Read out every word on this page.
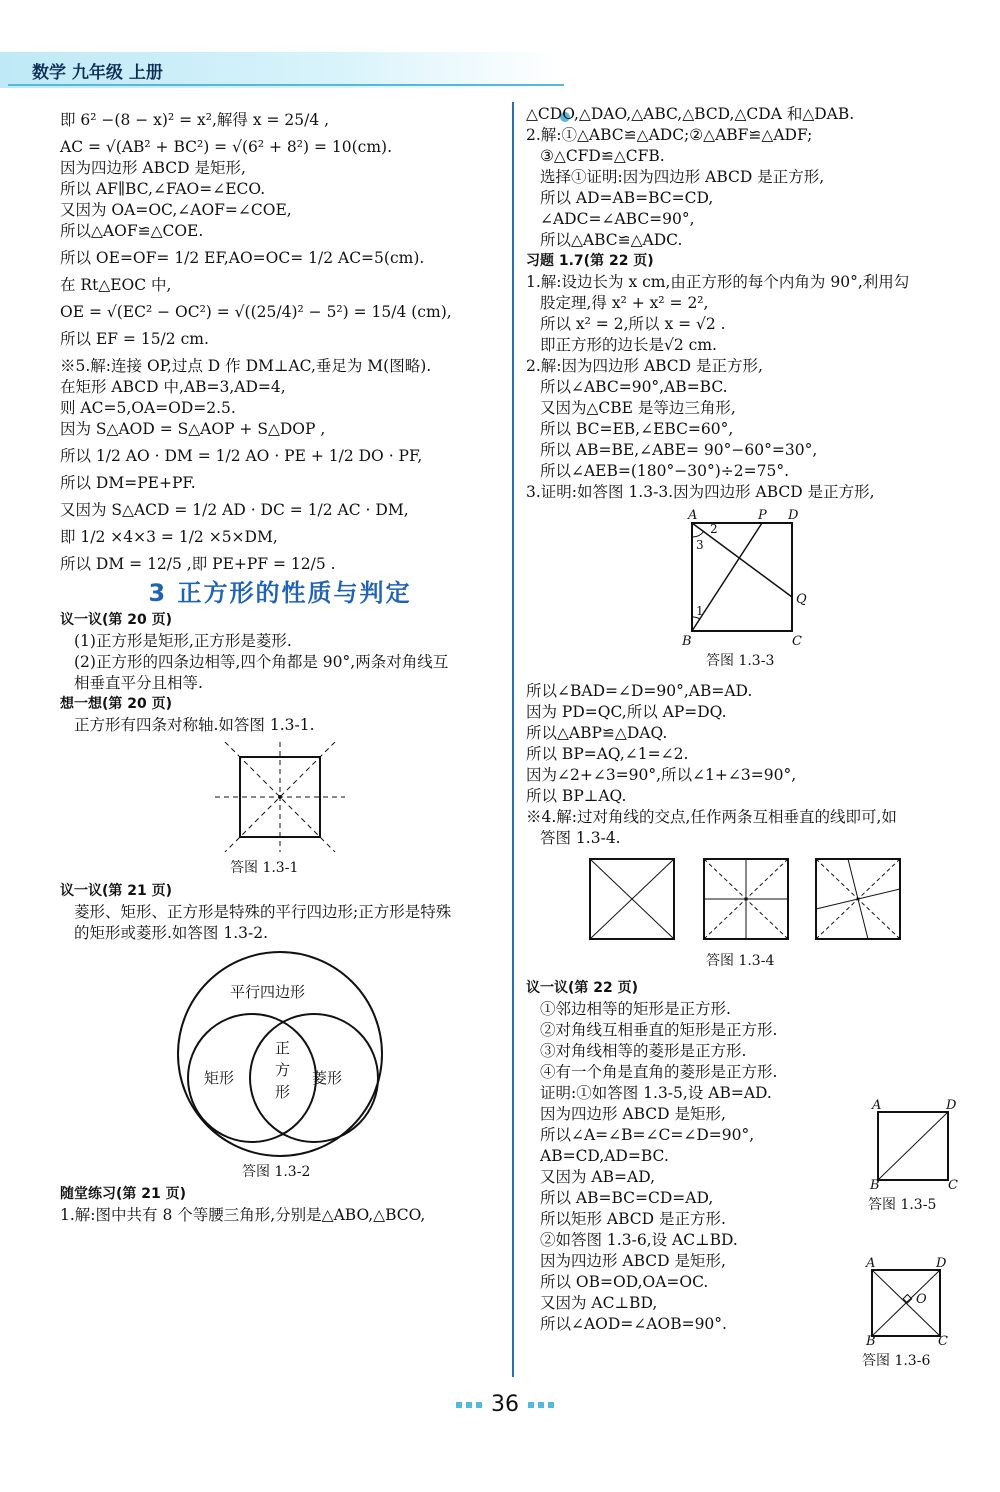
数学 九年级 上册

即 6² −(8 − x)² = x²,解得 x = 25/4 ,

AC = √(AB² + BC²) = √(6² + 8²) = 10(cm).

因为四边形 ABCD 是矩形,

所以 AF∥BC,∠FAO=∠ECO.

又因为 OA=OC,∠AOF=∠COE,

所以△AOF≌△COE.

所以 OE=OF= 1/2 EF,AO=OC= 1/2 AC=5(cm).

在 Rt△EOC 中,

OE = √(EC² − OC²) = √((25/4)² − 5²) = 15/4 (cm),

所以 EF = 15/2 cm.

※5.解:连接 OP,过点 D 作 DM⊥AC,垂足为 M(图略).

在矩形 ABCD 中,AB=3,AD=4,

则 AC=5,OA=OD=2.5.

因为 S△AOD = S△AOP + S△DOP ,

所以 1/2 AO · DM = 1/2 AO · PE + 1/2 DO · PF,

所以 DM=PE+PF.

又因为 S△ACD = 1/2 AD · DC = 1/2 AC · DM,

即 1/2 ×4×3 = 1/2 ×5×DM,

所以 DM = 12/5 ,即 PE+PF = 12/5 .

3 正方形的性质与判定

议一议(第 20 页)

(1)正方形是矩形,正方形是菱形.

(2)正方形的四条边相等,四个角都是 90°,两条对角线互

相垂直平分且相等.

想一想(第 20 页)

正方形有四条对称轴.如答图 1.3-1.

答图 1.3-1

议一议(第 21 页)

菱形、矩形、正方形是特殊的平行四边形;正方形是特殊

的矩形或菱形.如答图 1.3-2.

平行四边形
矩形	菱形
正
方
形
答图 1.3-2

随堂练习(第 21 页)

1.解:图中共有 8 个等腰三角形,分别是△ABO,△BCO,

△CDO,△DAO,△ABC,△BCD,△CDA 和△DAB.

2.解:①△ABC≌△ADC;②△ABF≌△ADF;

③△CFD≌△CFB.

选择①证明:因为四边形 ABCD 是正方形,

所以 AD=AB=BC=CD,

∠ADC=∠ABC=90°,

所以△ABC≌△ADC.

习题 1.7(第 22 页)

1.解:设边长为 x cm,由正方形的每个内角为 90°,利用勾

股定理,得 x² + x² = 2²,

所以 x² = 2,所以 x = √2 .

即正方形的边长是√2 cm.

2.解:因为四边形 ABCD 是正方形,

所以∠ABC=90°,AB=BC.

又因为△CBE 是等边三角形,

所以 BC=EB,∠EBC=60°,

所以 AB=BE,∠ABE= 90°−60°=30°,

所以∠AEB=(180°−30°)÷2=75°.

3.证明:如答图 1.3-3.因为四边形 ABCD 是正方形,

A	P D
Q
B	C
1
2
3
答图 1.3-3

所以∠BAD=∠D=90°,AB=AD.

因为 PD=QC,所以 AP=DQ.

所以△ABP≌△DAQ.

所以 BP=AQ,∠1=∠2.

因为∠2+∠3=90°,所以∠1+∠3=90°,

所以 BP⊥AQ.

※4.解:过对角线的交点,任作两条互相垂直的线即可,如

答图 1.3-4.

答图 1.3-4

议一议(第 22 页)

①邻边相等的矩形是正方形.

②对角线互相垂直的矩形是正方形.

③对角线相等的菱形是正方形.

④有一个角是直角的菱形是正方形.

证明:①如答图 1.3-5,设 AB=AD.

因为四边形 ABCD 是矩形,

所以∠A=∠B=∠C=∠D=90°,

AB=CD,AD=BC.

又因为 AB=AD,

所以 AB=BC=CD=AD,

所以矩形 ABCD 是正方形.

②如答图 1.3-6,设 AC⊥BD.

因为四边形 ABCD 是矩形,

所以 OB=OD,OA=OC.

又因为 AC⊥BD,

所以∠AOD=∠AOB=90°.

A	D
B	C
答图 1.3-5
A	D
O
B	C
答图 1.3-6
36
